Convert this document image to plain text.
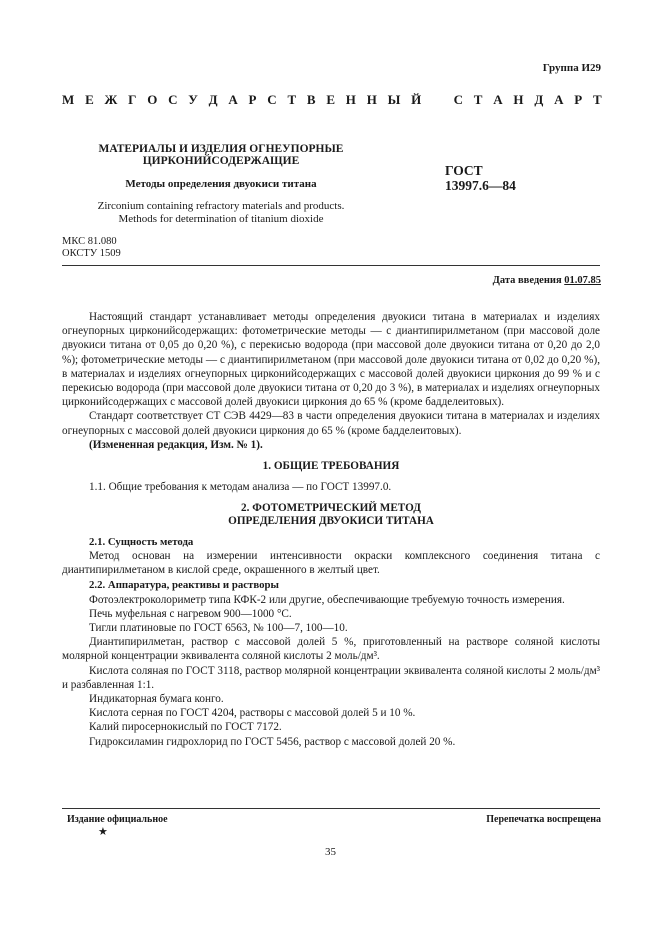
Группа И29
М Е Ж Г О С У Д А Р С Т В Е Н Н Ы Й С Т А Н Д А Р Т
МАТЕРИАЛЫ И ИЗДЕЛИЯ ОГНЕУПОРНЫЕ
ЦИРКОНИЙСОДЕРЖАЩИЕ
Методы определения двуокиси титана
Zirconium containing refractory materials and products.
Methods for determination of titanium dioxide
ГОСТ
13997.6—84
МКС 81.080
ОКСТУ 1509
Дата введения 01.07.85

Настоящий стандарт устанавливает методы определения двуокиси титана в материалах и изделиях огнеупорных цирконийсодержащих: фотометрические методы — с диантипирилметаном (при массовой доле двуокиси титана от 0,05 до 0,20 %), с перекисью водорода (при массовой доле двуокиси титана от 0,20 до 2,0 %); фотометрические методы — с диантипирилметаном (при массовой доле двуокиси титана от 0,02 до 0,20 %), в материалах и изделиях огнеупорных цирконийсодержащих с массовой долей двуокиси циркония до 99 % и с перекисью водорода (при массовой доле двуокиси титана от 0,20 до 3 %), в материалах и изделиях огнеупорных цирконийсодержащих с массовой долей двуокиси циркония до 65 % (кроме бадделеитовых).

Стандарт соответствует СТ СЭВ 4429—83 в части определения двуокиси титана в материалах и изделиях огнеупорных с массовой долей двуокиси циркония до 65 % (кроме бадделеитовых).

(Измененная редакция, Изм. № 1).

1. ОБЩИЕ ТРЕБОВАНИЯ

1.1. Общие требования к методам анализа — по ГОСТ 13997.0.

2. ФОТОМЕТРИЧЕСКИЙ МЕТОД
ОПРЕДЕЛЕНИЯ ДВУОКИСИ ТИТАНА
2.1. Сущность метода

Метод основан на измерении интенсивности окраски комплексного соединения титана с диантипирилметаном в кислой среде, окрашенного в желтый цвет.

2.2. Аппаратура, реактивы и растворы

Фотоэлектроколориметр типа КФК-2 или другие, обеспечивающие требуемую точность измерения.

Печь муфельная с нагревом 900—1000 °С.

Тигли платиновые по ГОСТ 6563, № 100—7, 100—10.

Диантипирилметан, раствор с массовой долей 5 %, приготовленный на растворе соляной кислоты молярной концентрации эквивалента соляной кислоты 2 моль/дм³.

Кислота соляная по ГОСТ 3118, раствор молярной концентрации эквивалента соляной кислоты 2 моль/дм³ и разбавленная 1:1.

Индикаторная бумага конго.

Кислота серная по ГОСТ 4204, растворы с массовой долей 5 и 10 %.

Калий пиросернокислый по ГОСТ 7172.

Гидроксиламин гидрохлорид по ГОСТ 5456, раствор с массовой долей 20 %.

Издание официальное
★
Перепечатка воспрещена
35
